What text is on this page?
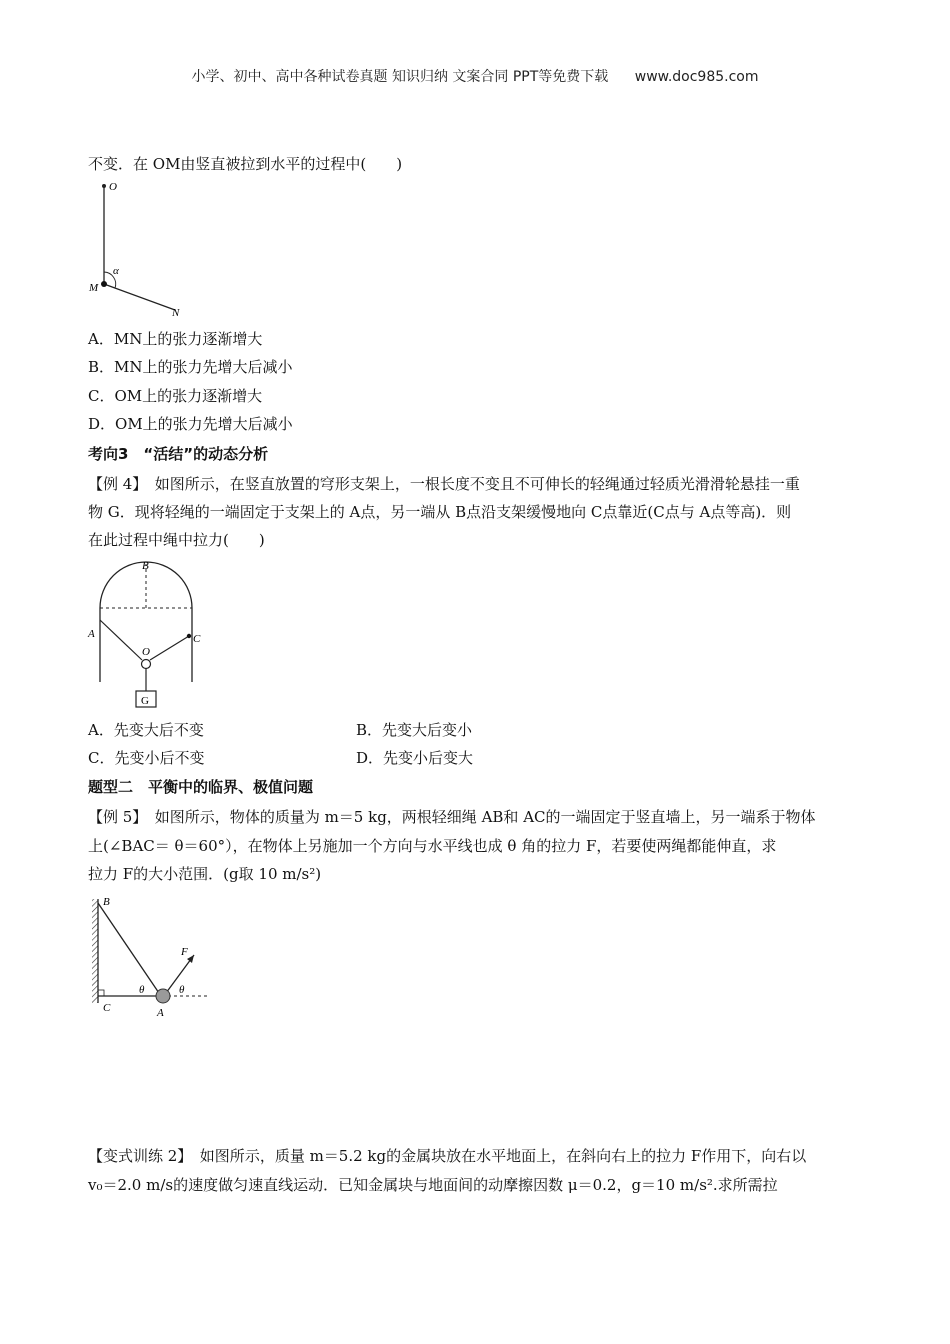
小学、初中、高中各种试卷真题 知识归纳 文案合同 PPT等免费下载 www.doc985.com
不变．在 OM由竖直被拉到水平的过程中(　　)
O
M
N
α
A．MN上的张力逐渐增大
B．MN上的张力先增大后减小
C．OM上的张力逐渐增大
D．OM上的张力先增大后减小
考向3　“活结”的动态分析
【例 4】　如图所示，在竖直放置的穹形支架上，一根长度不变且不可伸长的轻绳通过轻质光滑滑轮悬挂一重
物 G．现将轻绳的一端固定于支架上的 A点，另一端从 B点沿支架缓慢地向 C点靠近(C点与 A点等高)．则
在此过程中绳中拉力(　　)
B
A	C
O
G
A．先变大后不变	B．先变大后变小
C．先变小后不变	D．先变小后变大
题型二　平衡中的临界、极值问题
【例 5】　如图所示，物体的质量为 m＝5 kg，两根轻细绳 AB和 AC的一端固定于竖直墙上，另一端系于物体
上(∠BAC＝ θ＝60°），在物体上另施加一个方向与水平线也成 θ 角的拉力 F，若要使两绳都能伸直，求
拉力 F的大小范围．(g取 10 m/s²)
B
C	A
F
θ	θ
【变式训练 2】　如图所示，质量 m＝5.2 kg的金属块放在水平地面上，在斜向右上的拉力 F作用下，向右以
v₀＝2.0 m/s的速度做匀速直线运动．已知金属块与地面间的动摩擦因数 μ＝0.2，g＝10 m/s².求所需拉
